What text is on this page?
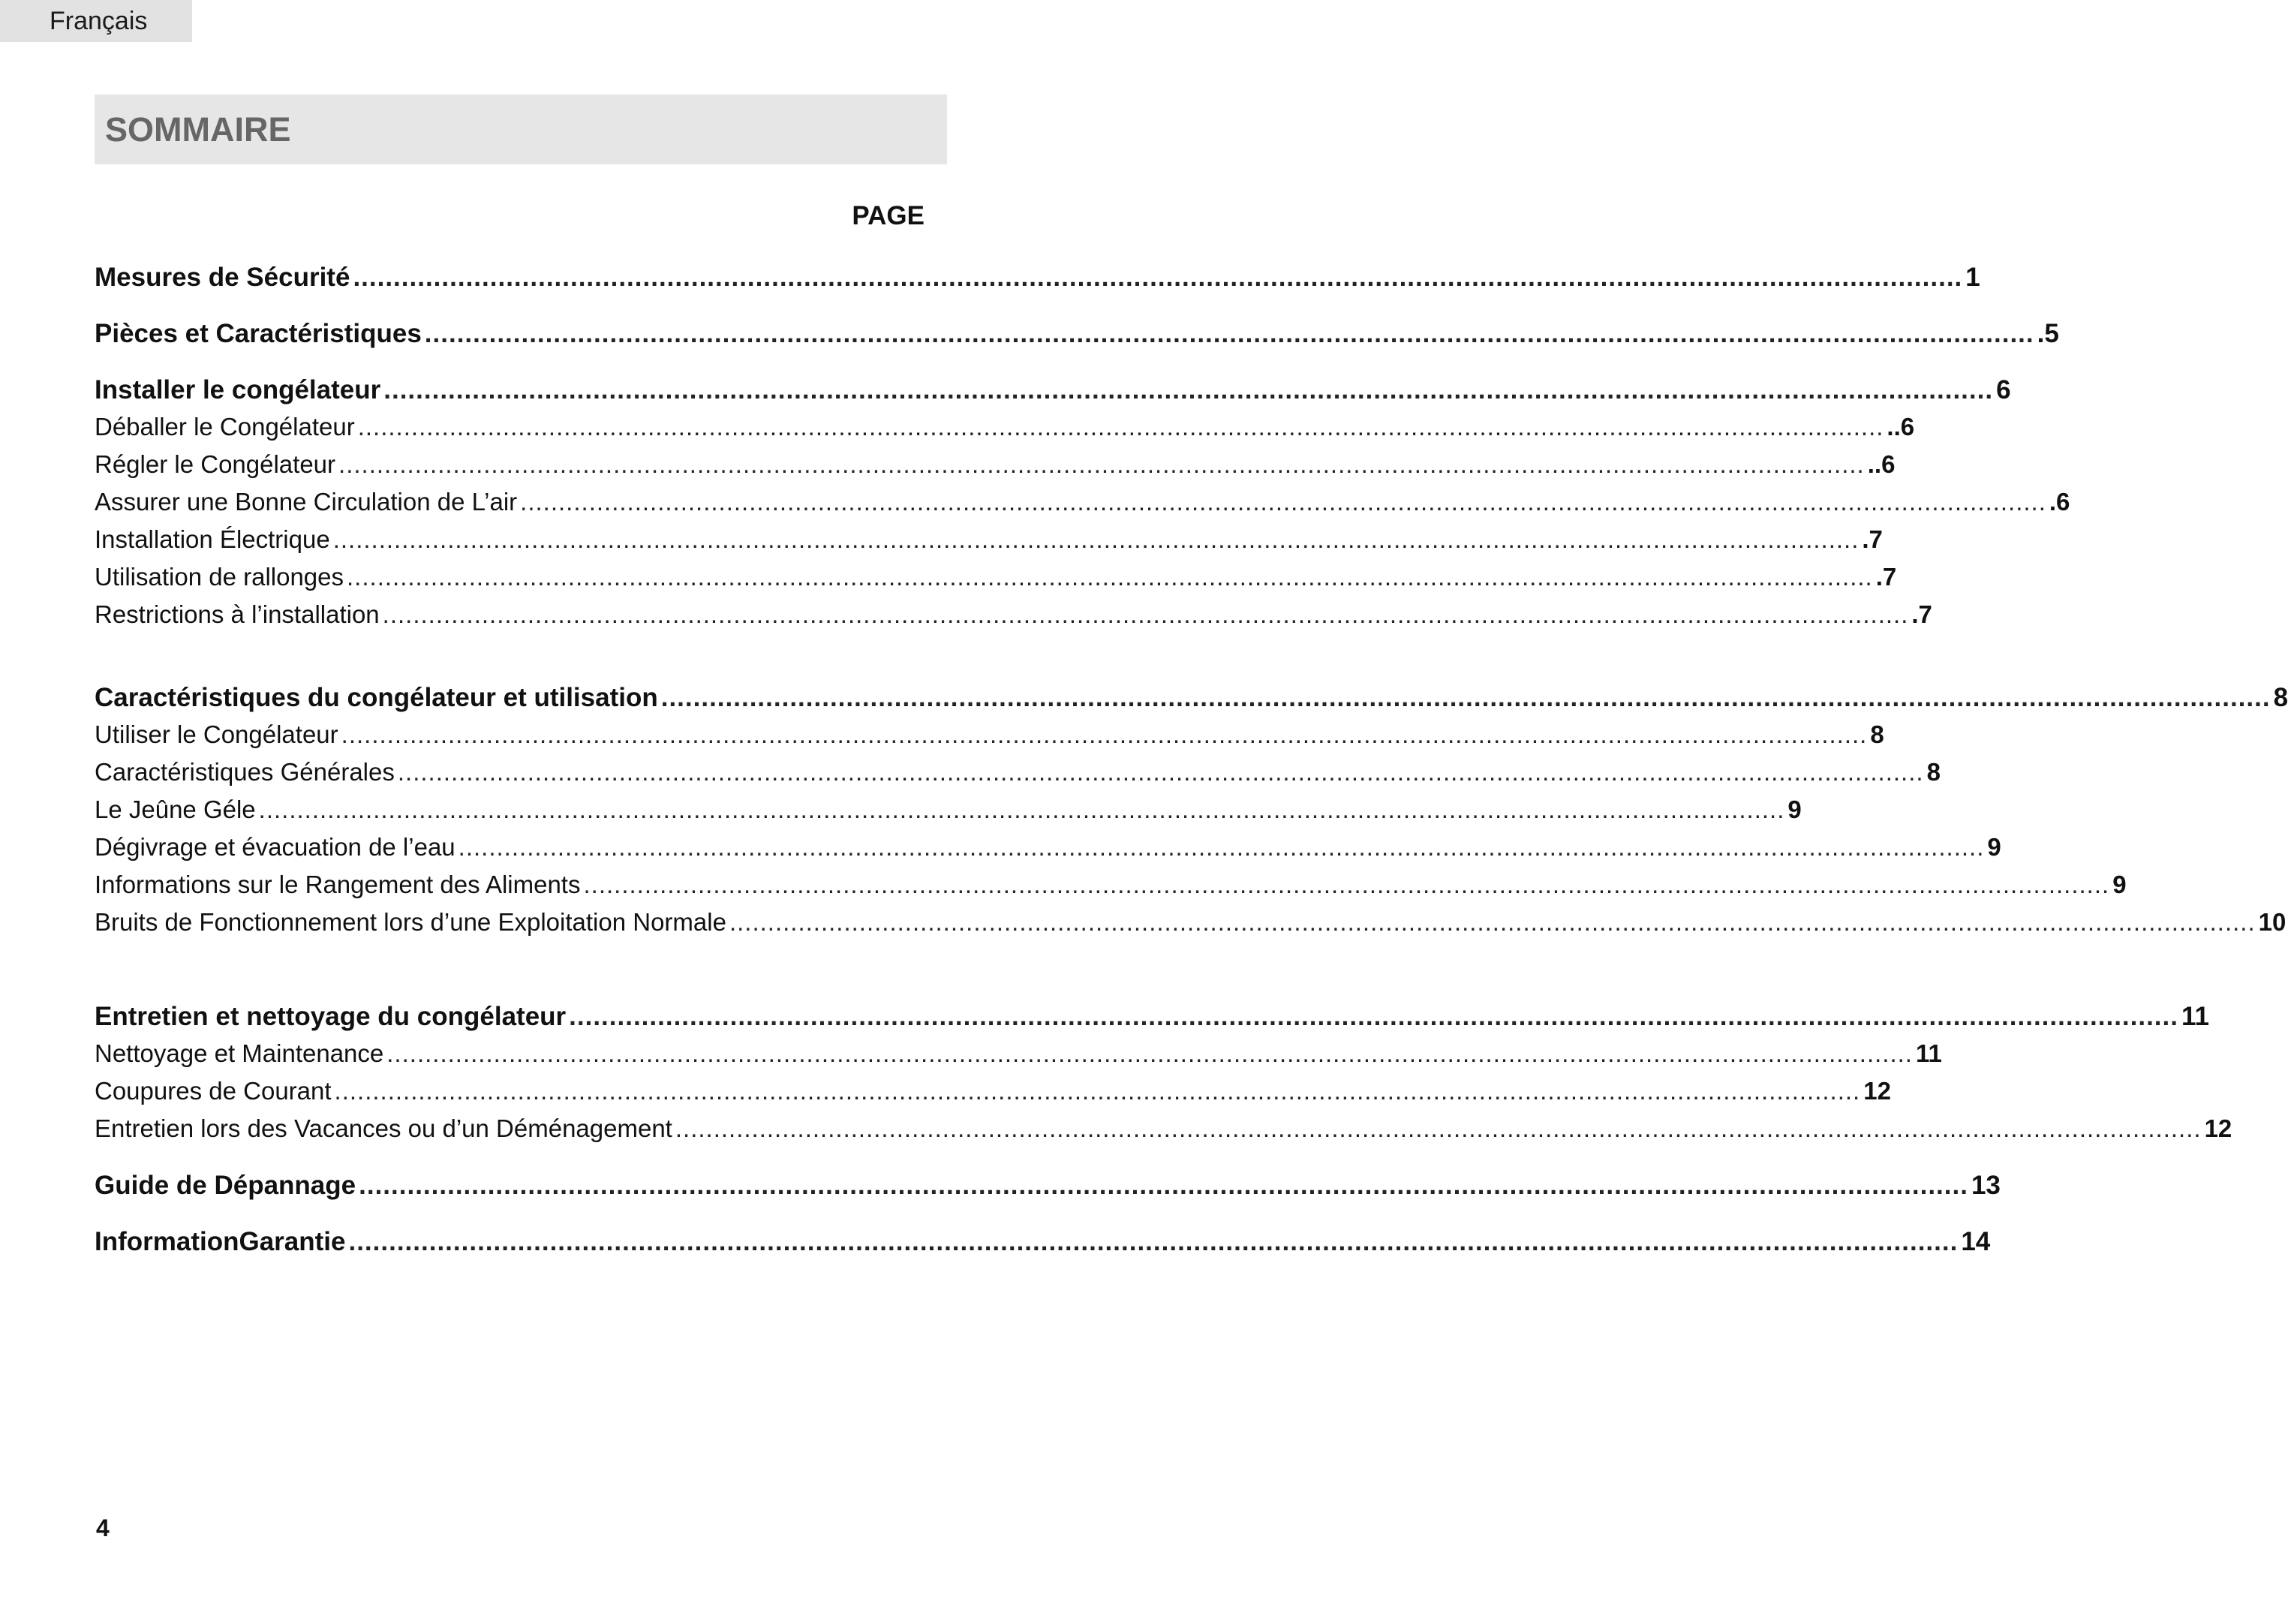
Français
SOMMAIRE
PAGE
Mesures de Sécurité ........................................................................................................................................................................................................ 1
Pièces et Caractéristiques ........................................................................................................................................................................................................ .5
Installer le congélateur ........................................................................................................................................................................................................ 6
Déballer le Congélateur ........................................................................................................................................................................................................ ..6
Régler le Congélateur ........................................................................................................................................................................................................ ..6
Assurer une Bonne Circulation de L’air ........................................................................................................................................................................................................ .6
Installation Électrique ........................................................................................................................................................................................................ .7
Utilisation de rallonges ........................................................................................................................................................................................................ .7
Restrictions à l’installation ........................................................................................................................................................................................................ .7
Caractéristiques du congélateur et utilisation ........................................................................................................................................................................................................ 8
Utiliser le Congélateur ........................................................................................................................................................................................................ 8
Caractéristiques Générales ........................................................................................................................................................................................................ 8
Le Jeûne Géle ........................................................................................................................................................................................................ 9
Dégivrage et évacuation de l’eau ........................................................................................................................................................................................................ 9
Informations sur le Rangement des Aliments ........................................................................................................................................................................................................ 9
Bruits de Fonctionnement lors d’une Exploitation Normale ........................................................................................................................................................................................................ 10
Entretien et nettoyage du congélateur ........................................................................................................................................................................................................ 11
Nettoyage et Maintenance ........................................................................................................................................................................................................ 11
Coupures de Courant ........................................................................................................................................................................................................ 12
Entretien lors des Vacances ou d’un Déménagement ........................................................................................................................................................................................................ 12
Guide de Dépannage ........................................................................................................................................................................................................ 13
InformationGarantie ........................................................................................................................................................................................................ 14
4
